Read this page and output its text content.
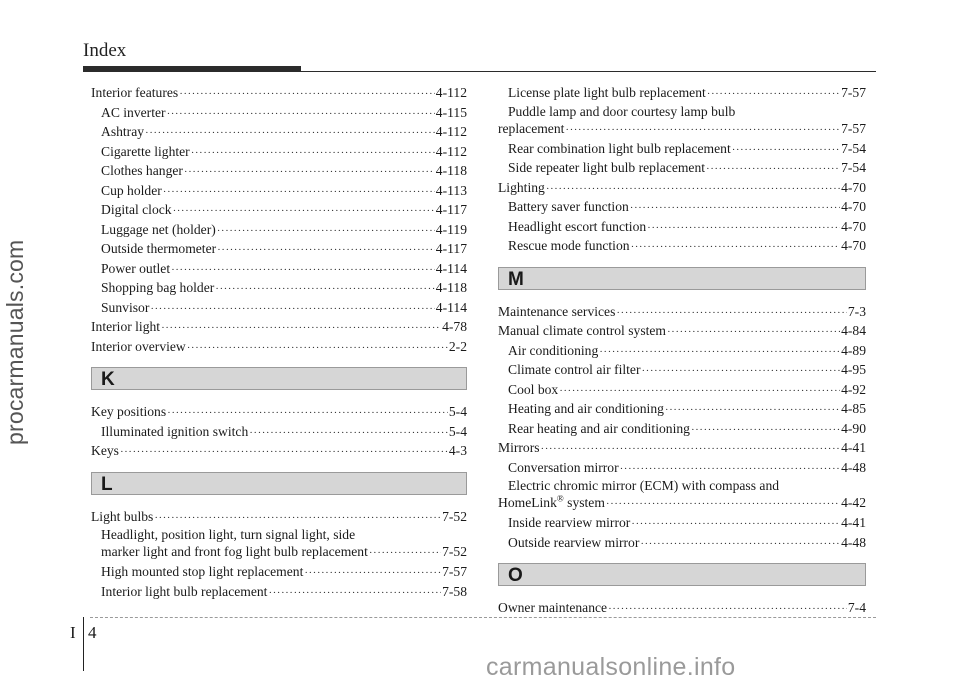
Index
procarmanuals.com
Interior features ·····	4-112
AC inverter ·····	4-115
Ashtray ·····	4-112
Cigarette lighter ·····	4-112
Clothes hanger ·····	4-118
Cup holder ·····	4-113
Digital clock ·····	4-117
Luggage net (holder) ·····	4-119
Outside thermometer ·····	4-117
Power outlet ·····	4-114
Shopping bag holder ·····	4-118
Sunvisor ·····	4-114
Interior light ·····	4-78
Interior overview ·····	2-2
K
Key positions ·····	5-4
Illuminated ignition switch ·····	5-4
Keys ·····	4-3
L
Light bulbs ·····	7-52
Headlight, position light, turn signal light, side
marker light and front fog light bulb replacement ·····	7-52
High mounted stop light replacement ·····	7-57
Interior light bulb replacement ·····	7-58
License plate light bulb replacement ·····	7-57
Puddle lamp and door courtesy lamp bulb
replacement ·····	7-57
Rear combination light bulb replacement ·····	7-54
Side repeater light bulb replacement ·····	7-54
Lighting ·····	4-70
Battery saver function ·····	4-70
Headlight escort function ·····	4-70
Rescue mode function ·····	4-70
M
Maintenance services ·····	7-3
Manual climate control system ·····	4-84
Air conditioning ·····	4-89
Climate control air filter ·····	4-95
Cool box ·····	4-92
Heating and air conditioning ·····	4-85
Rear heating and air conditioning ·····	4-90
Mirrors ·····	4-41
Conversation mirror ·····	4-48
Electric chromic mirror (ECM) with compass and
HomeLink® system ·····	4-42
Inside rearview mirror ·····	4-41
Outside rearview mirror ·····	4-48
O
Owner maintenance ·····	7-4
I 4
carmanualsonline.info
